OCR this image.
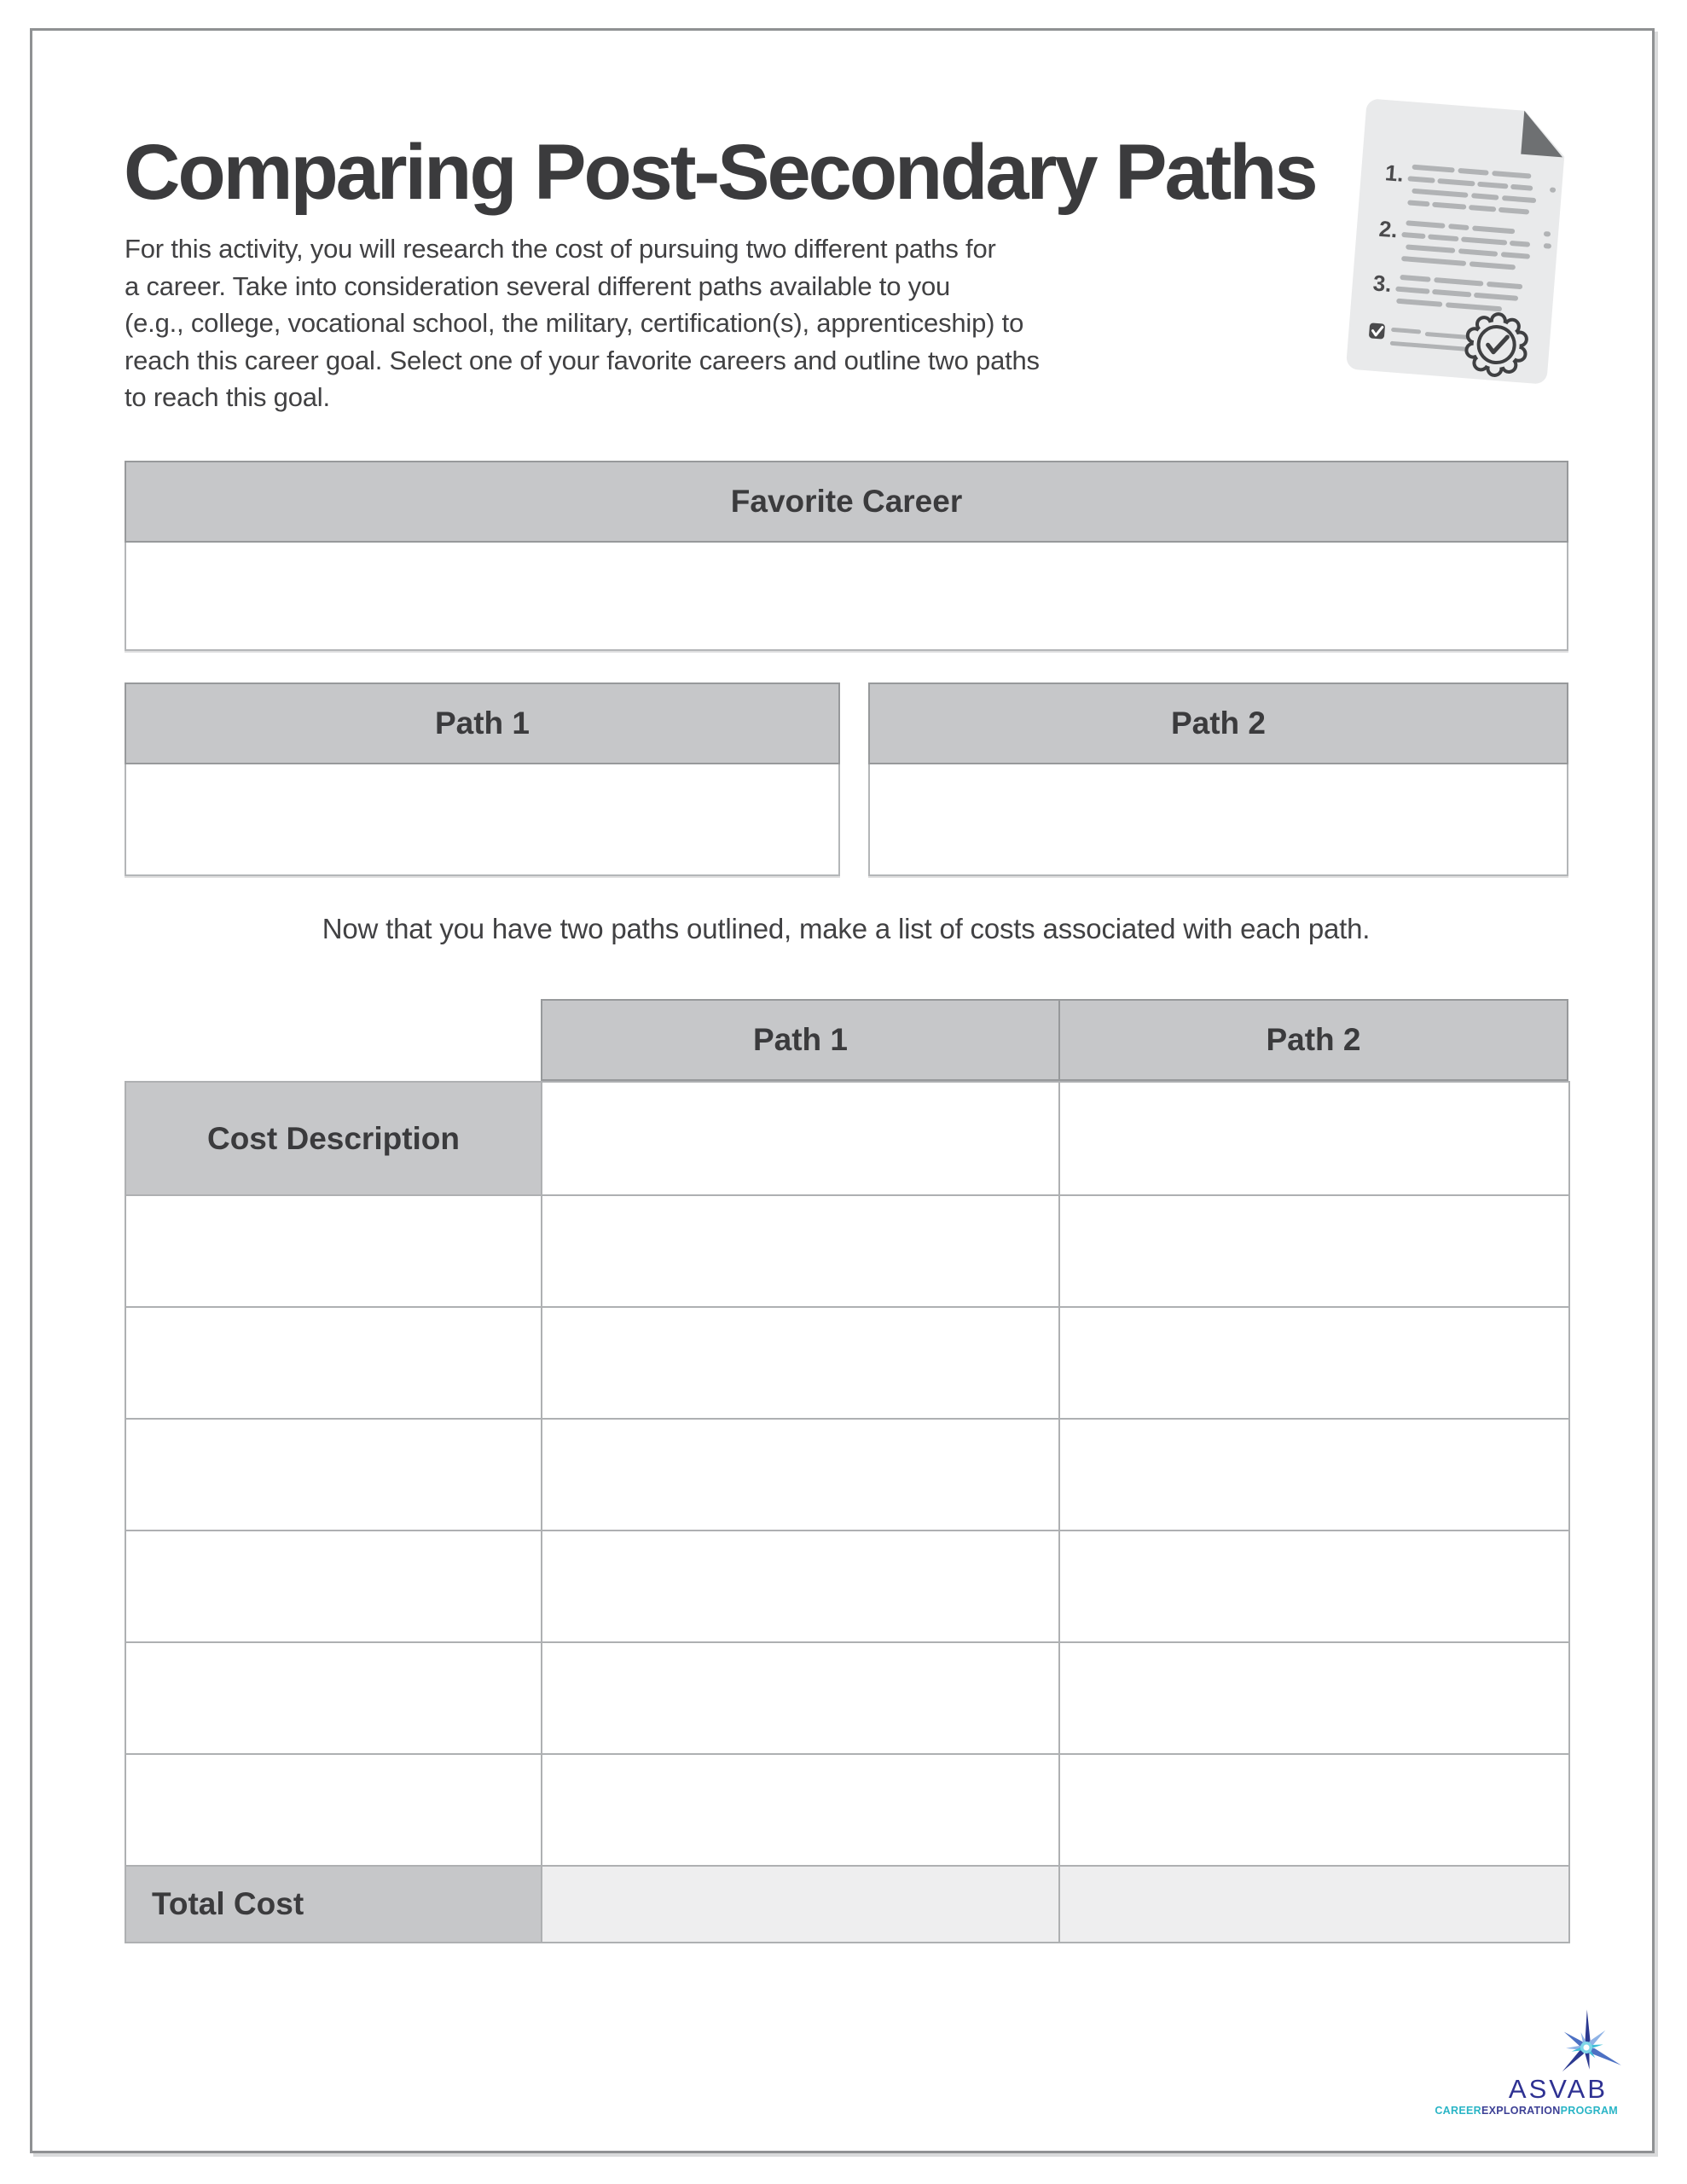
Comparing Post-Secondary Paths
For this activity, you will research the cost of pursuing two different paths for
a career. Take into consideration several different paths available to you
(e.g., college, vocational school, the military, certification(s), apprenticeship) to
reach this career goal. Select one of your favorite careers and outline two paths
to reach this goal.
1.
2.
3.
Favorite Career
Path 1	Path 2
Now that you have two paths outlined, make a list of costs associated with each path.
Path 1	Path 2
Cost Description		

Total Cost		
ASVAB
CAREEREXPLORATIONPROGRAM
